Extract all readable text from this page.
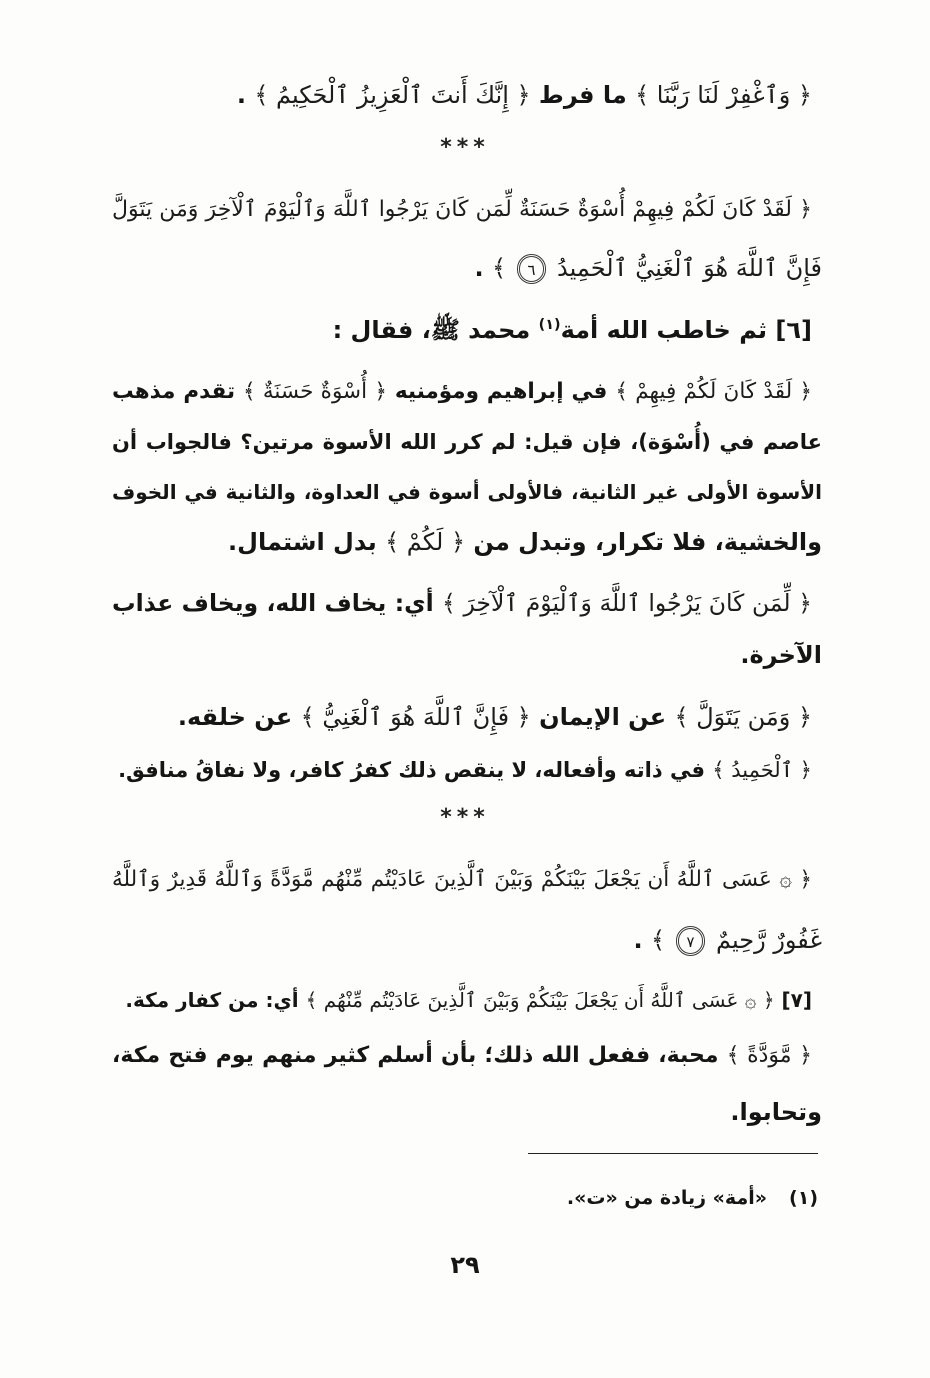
﴿ وَٱغْفِرْ لَنَا رَبَّنَا ﴾ ما فرط ﴿ إِنَّكَ أَنتَ ٱلْعَزِيزُ ٱلْحَكِيمُ ﴾ .
***
﴿ لَقَدْ كَانَ لَكُمْ فِيهِمْ أُسْوَةٌ حَسَنَةٌ لِّمَن كَانَ يَرْجُوا ٱللَّهَ وَٱلْيَوْمَ ٱلْآخِرَ وَمَن يَتَوَلَّ
فَإِنَّ ٱللَّهَ هُوَ ٱلْغَنِيُّ ٱلْحَمِيدُ ٦ ﴾ .
[٦] ثم خاطب الله أمة$^{(١)}$ محمد ﷺ، فقال :
﴿ لَقَدْ كَانَ لَكُمْ فِيهِمْ ﴾ في إبراهيم ومؤمنيه ﴿ أُسْوَةٌ حَسَنَةٌ ﴾ تقدم مذهب
عاصم في (أُسْوَة)، فإن قيل: لم كرر الله الأسوة مرتين؟ فالجواب أن
الأسوة الأولى غير الثانية، فالأولى أسوة في العداوة، والثانية في الخوف
والخشية، فلا تكرار، وتبدل من ﴿ لَكُمْ ﴾ بدل اشتمال.
﴿ لِّمَن كَانَ يَرْجُوا ٱللَّهَ وَٱلْيَوْمَ ٱلْآخِرَ ﴾ أي: يخاف الله، ويخاف عذاب
الآخرة.
﴿ وَمَن يَتَوَلَّ ﴾ عن الإيمان ﴿ فَإِنَّ ٱللَّهَ هُوَ ٱلْغَنِيُّ ﴾ عن خلقه.
﴿ ٱلْحَمِيدُ ﴾ في ذاته وأفعاله، لا ينقص ذلك كفرُ كافر، ولا نفاقُ منافق.
***
﴿ ۞ عَسَى ٱللَّهُ أَن يَجْعَلَ بَيْنَكُمْ وَبَيْنَ ٱلَّذِينَ عَادَيْتُم مِّنْهُم مَّوَدَّةً وَٱللَّهُ قَدِيرٌ وَٱللَّهُ
غَفُورٌ رَّحِيمٌ ٧ ﴾ .
[٧] ﴿ ۞ عَسَى ٱللَّهُ أَن يَجْعَلَ بَيْنَكُمْ وَبَيْنَ ٱلَّذِينَ عَادَيْتُم مِّنْهُم ﴾ أي: من كفار مكة.
﴿ مَّوَدَّةً ﴾ محبة، ففعل الله ذلك؛ بأن أسلم كثير منهم يوم فتح مكة،
وتحابوا.
(١)«أمة» زيادة من «ت».
٢٩
